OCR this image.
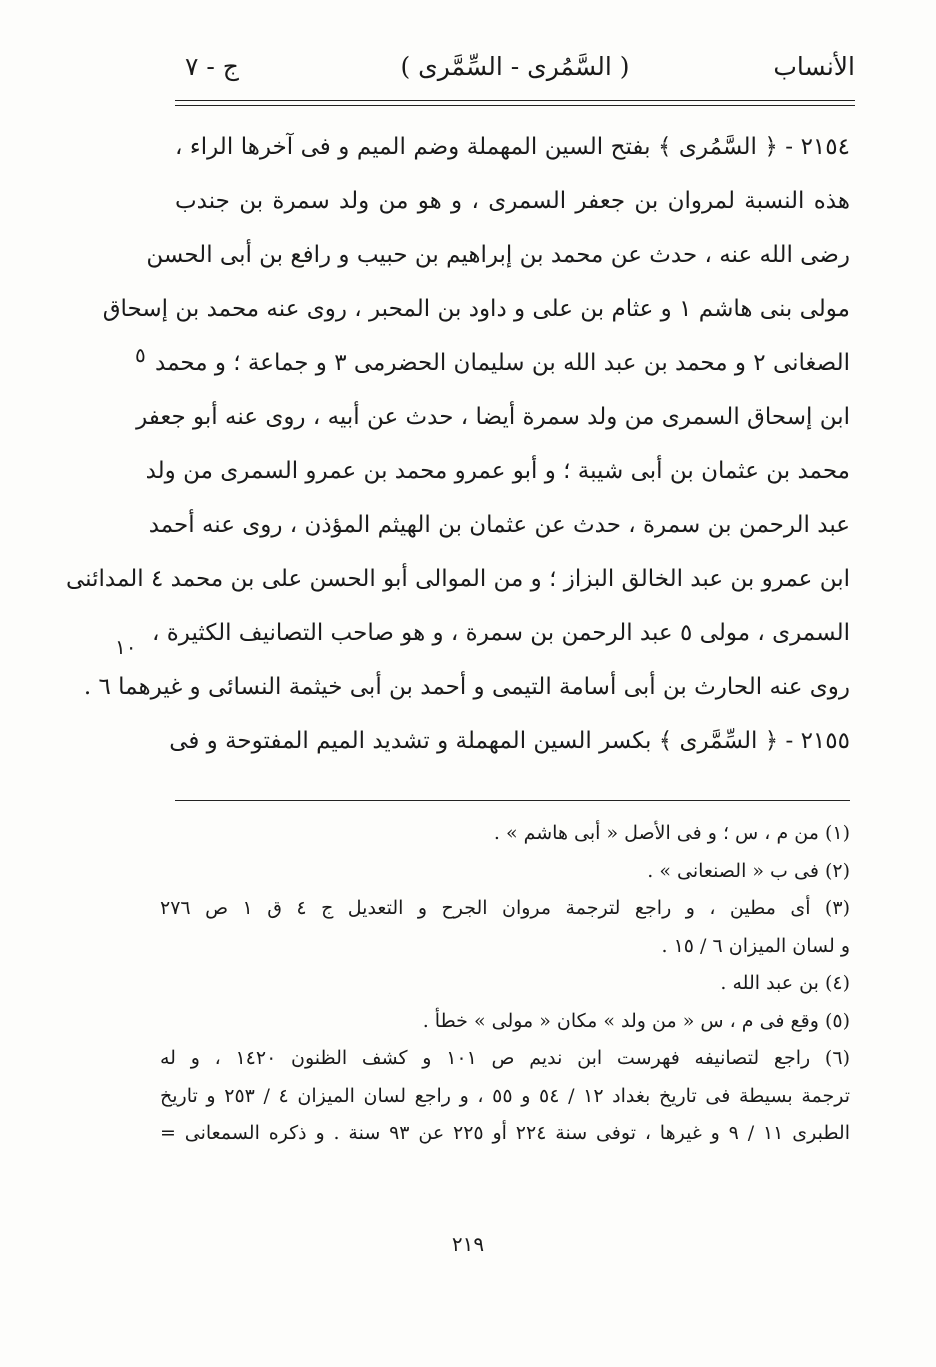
الأنساب
( السَّمُرى - السِّمَّرى )
ج - ٧
٢١٥٤ - ﴿ السَّمُرى ﴾ بفتح السين المهملة وضم الميم و فى آخرها الراء ،
هذه النسبة لمروان بن جعفر السمرى ، و هو من ولد سمرة بن جندب
رضى الله عنه ، حدث عن محمد بن إبراهيم بن حبيب و رافع بن أبى الحسن
مولى بنى هاشم ١ و عثام بن على و داود بن المحبر ، روى عنه محمد بن إسحاق
الصغانى ٢ و محمد بن عبد الله بن سليمان الحضرمى ٣ و جماعة ؛ و محمد
ابن إسحاق السمرى من ولد سمرة أيضا ، حدث عن أبيه ، روى عنه أبو جعفر
محمد بن عثمان بن أبى شيبة ؛ و أبو عمرو محمد بن عمرو السمرى من ولد
عبد الرحمن بن سمرة ، حدث عن عثمان بن الهيثم المؤذن ، روى عنه أحمد
ابن عمرو بن عبد الخالق البزاز ؛ و من الموالى أبو الحسن على بن محمد ٤ المدائنى
السمرى ، مولى ٥ عبد الرحمن بن سمرة ، و هو صاحب التصانيف الكثيرة ،
روى عنه الحارث بن أبى أسامة التيمى و أحمد بن أبى خيثمة النسائى و غيرهما ٦ .
٢١٥٥ - ﴿ السِّمَّرى ﴾ بكسر السين المهملة و تشديد الميم المفتوحة و فى
٥
١٠
(١) من م ، س ؛ و فى الأصل « أبى هاشم » .
(٢) فى ب « الصنعانى » .
(٣) أى مطين ، و راجع لترجمة مروان الجرح و التعديل ج ٤ ق ١ ص ٢٧٦
و لسان الميزان ٦ / ١٥ .
(٤) بن عبد الله .
(٥) وقع فى م ، س « من ولد » مكان « مولى » خطأ .
(٦) راجع لتصانيفه فهرست ابن نديم ص ١٠١ و كشف الظنون ١٤٢٠ ، و له
ترجمة بسيطة فى تاريخ بغداد ١٢ / ٥٤ و ٥٥ ، و راجع لسان الميزان ٤ / ٢٥٣ و تاريخ
الطبرى ١١ / ٩ و غيرها ، توفى سنة ٢٢٤ أو ٢٢٥ عن ٩٣ سنة . و ذكره السمعانى =
٢١٩
